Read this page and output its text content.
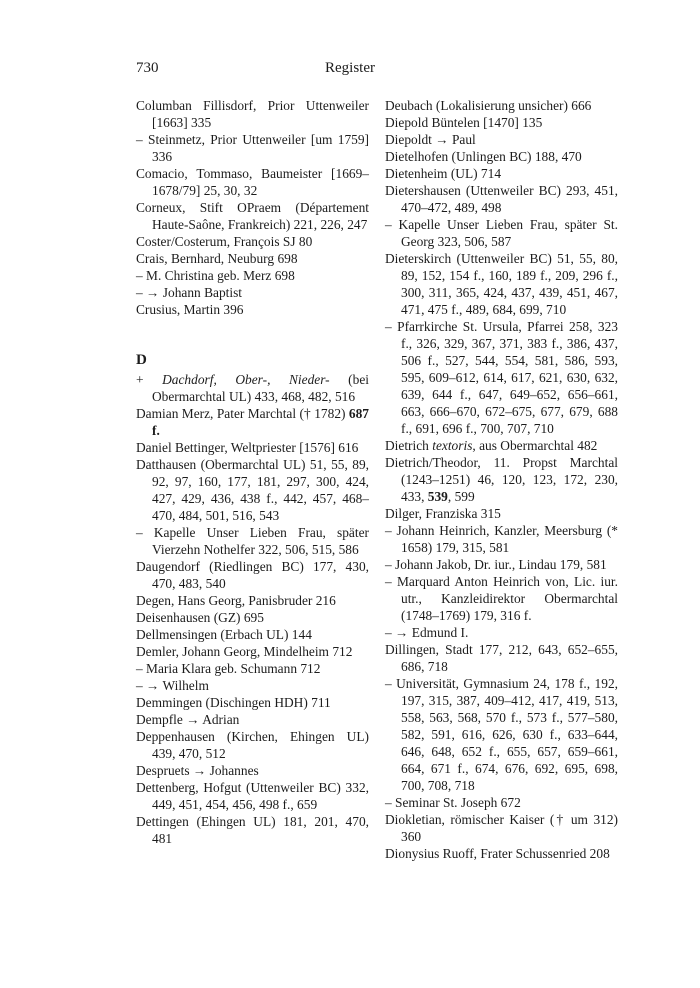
730	Register
Columban Fillisdorf, Prior Uttenweiler [1663] 335
– Steinmetz, Prior Uttenweiler [um 1759] 336
Comacio, Tommaso, Baumeister [1669–1678/79] 25, 30, 32
Corneux, Stift OPraem (Département Haute-Saône, Frankreich) 221, 226, 247
Coster/Costerum, François SJ 80
Crais, Bernhard, Neuburg 698
– M. Christina geb. Merz 698
– → Johann Baptist
Crusius, Martin 396
D
+ Dachdorf, Ober-, Nieder- (bei Obermarchtal UL) 433, 468, 482, 516
Damian Merz, Pater Marchtal († 1782) 687 f.
Daniel Bettinger, Weltpriester [1576] 616
Datthausen (Obermarchtal UL) 51, 55, 89, 92, 97, 160, 177, 181, 297, 300, 424, 427, 429, 436, 438 f., 442, 457, 468–470, 484, 501, 516, 543
– Kapelle Unser Lieben Frau, später Vierzehn Nothelfer 322, 506, 515, 586
Daugendorf (Riedlingen BC) 177, 430, 470, 483, 540
Degen, Hans Georg, Panisbruder 216
Deisenhausen (GZ) 695
Dellmensingen (Erbach UL) 144
Demler, Johann Georg, Mindelheim 712
– Maria Klara geb. Schumann 712
– → Wilhelm
Demmingen (Dischingen HDH) 711
Dempfle → Adrian
Deppenhausen (Kirchen, Ehingen UL) 439, 470, 512
Despruets → Johannes
Dettenberg, Hofgut (Uttenweiler BC) 332, 449, 451, 454, 456, 498 f., 659
Dettingen (Ehingen UL) 181, 201, 470, 481
Deubach (Lokalisierung unsicher) 666
Diepold Büntelen [1470] 135
Diepoldt → Paul
Dietelhofen (Unlingen BC) 188, 470
Dietenheim (UL) 714
Dietershausen (Uttenweiler BC) 293, 451, 470–472, 489, 498
– Kapelle Unser Lieben Frau, später St. Georg 323, 506, 587
Dieterskirch (Uttenweiler BC) 51, 55, 80, 89, 152, 154 f., 160, 189 f., 209, 296 f., 300, 311, 365, 424, 437, 439, 451, 467, 471, 475 f., 489, 684, 699, 710
– Pfarrkirche St. Ursula, Pfarrei 258, 323 f., 326, 329, 367, 371, 383 f., 386, 437, 506 f., 527, 544, 554, 581, 586, 593, 595, 609–612, 614, 617, 621, 630, 632, 639, 644 f., 647, 649–652, 656–661, 663, 666–670, 672–675, 677, 679, 688 f., 691, 696 f., 700, 707, 710
Dietrich textoris, aus Obermarchtal 482
Dietrich/Theodor, 11. Propst Marchtal (1243–1251) 46, 120, 123, 172, 230, 433, 539, 599
Dilger, Franziska 315
– Johann Heinrich, Kanzler, Meersburg (* 1658) 179, 315, 581
– Johann Jakob, Dr. iur., Lindau 179, 581
– Marquard Anton Heinrich von, Lic. iur. utr., Kanzleidirektor Obermarchtal (1748–1769) 179, 316 f.
– → Edmund I.
Dillingen, Stadt 177, 212, 643, 652–655, 686, 718
– Universität, Gymnasium 24, 178 f., 192, 197, 315, 387, 409–412, 417, 419, 513, 558, 563, 568, 570 f., 573 f., 577–580, 582, 591, 616, 626, 630 f., 633–644, 646, 648, 652 f., 655, 657, 659–661, 664, 671 f., 674, 676, 692, 695, 698, 700, 708, 718
– Seminar St. Joseph 672
Diokletian, römischer Kaiser († um 312) 360
Dionysius Ruoff, Frater Schussenried 208
